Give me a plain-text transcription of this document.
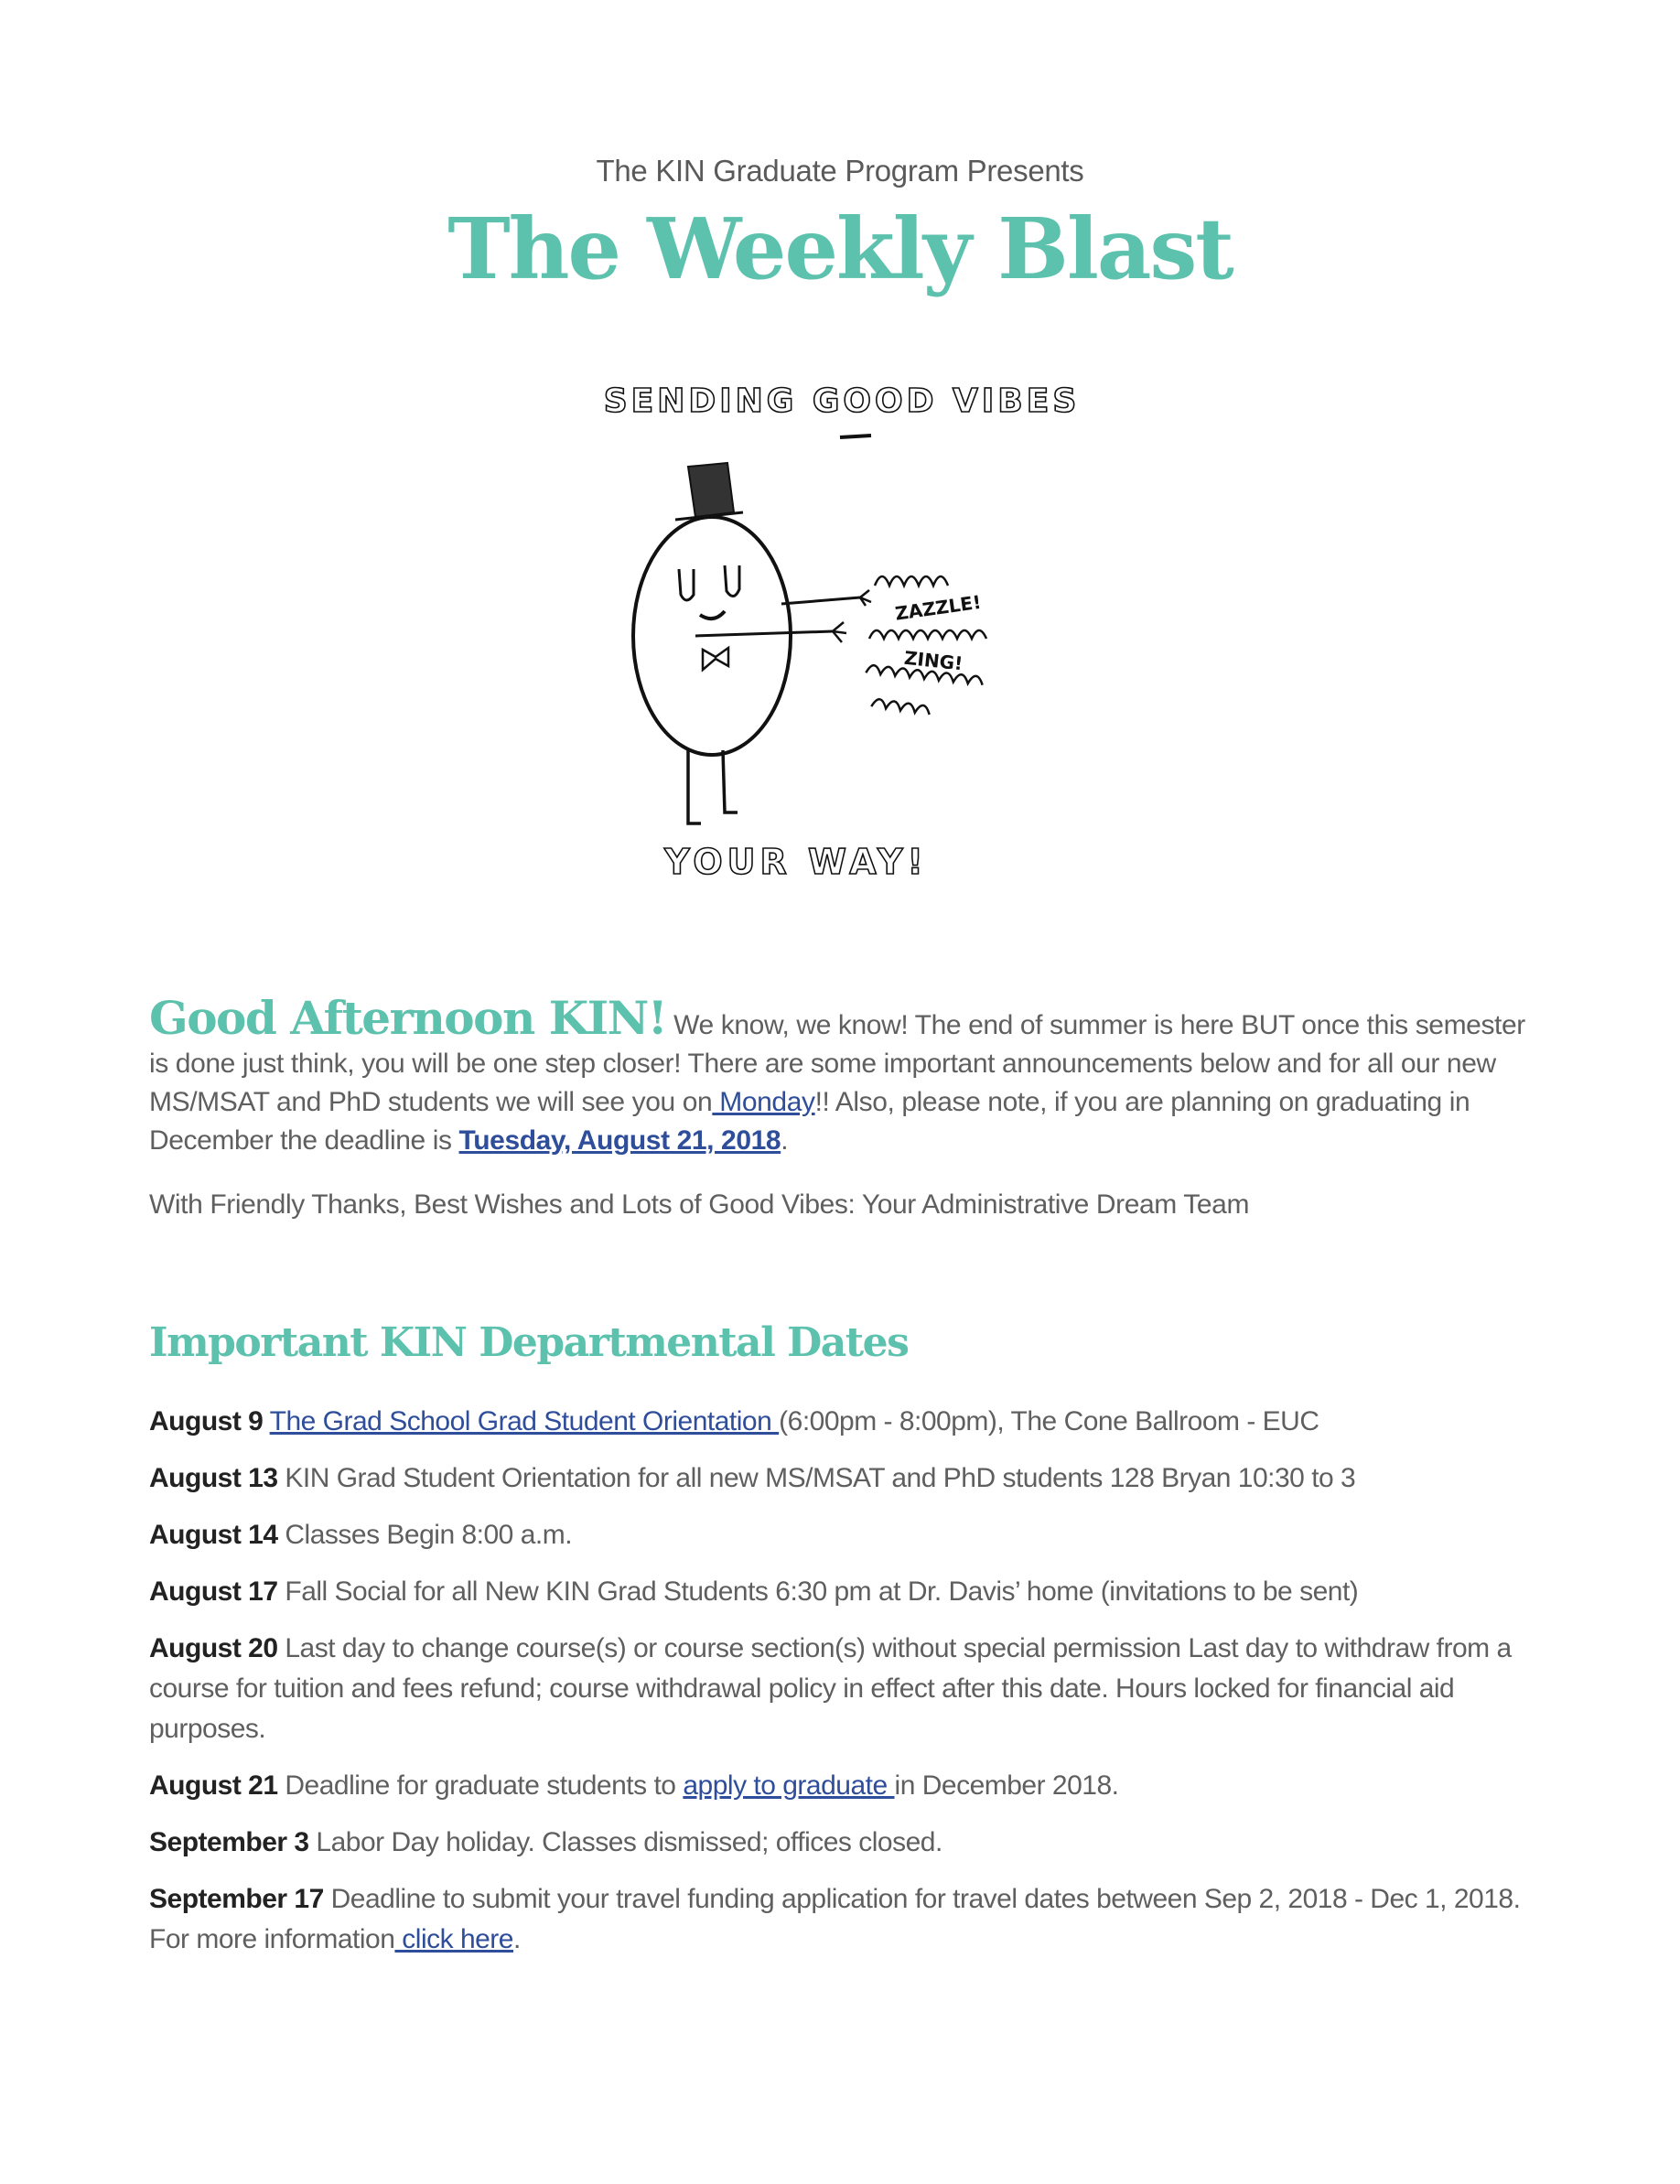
The KIN Graduate Program Presents
The Weekly Blast
SENDING GOOD VIBES
ZAZZLE!
ZING!
YOUR WAY!
Good Afternoon KIN! We know, we know! The end of summer is here BUT once this semester is done just think, you will be one step closer! There are some important announcements below and for all our new MS/MSAT and PhD students we will see you on Monday!! Also, please note, if you are planning on graduating in December the deadline is Tuesday, August 21, 2018.
With Friendly Thanks, Best Wishes and Lots of Good Vibes: Your Administrative Dream Team
Important KIN Departmental Dates
August 9 The Grad School Grad Student Orientation (6:00pm - 8:00pm), The Cone Ballroom - EUC
August 13 KIN Grad Student Orientation for all new MS/MSAT and PhD students 128 Bryan 10:30 to 3
August 14 Classes Begin 8:00 a.m.
August 17 Fall Social for all New KIN Grad Students 6:30 pm at Dr. Davis’ home (invitations to be sent)
August 20 Last day to change course(s) or course section(s) without special permission Last day to withdraw from a course for tuition and fees refund; course withdrawal policy in effect after this date. Hours locked for financial aid purposes.
August 21 Deadline for graduate students to apply to graduate in December 2018.
September 3 Labor Day holiday. Classes dismissed; offices closed.
September 17 Deadline to submit your travel funding application for travel dates between Sep 2, 2018 - Dec 1, 2018. For more information click here.
